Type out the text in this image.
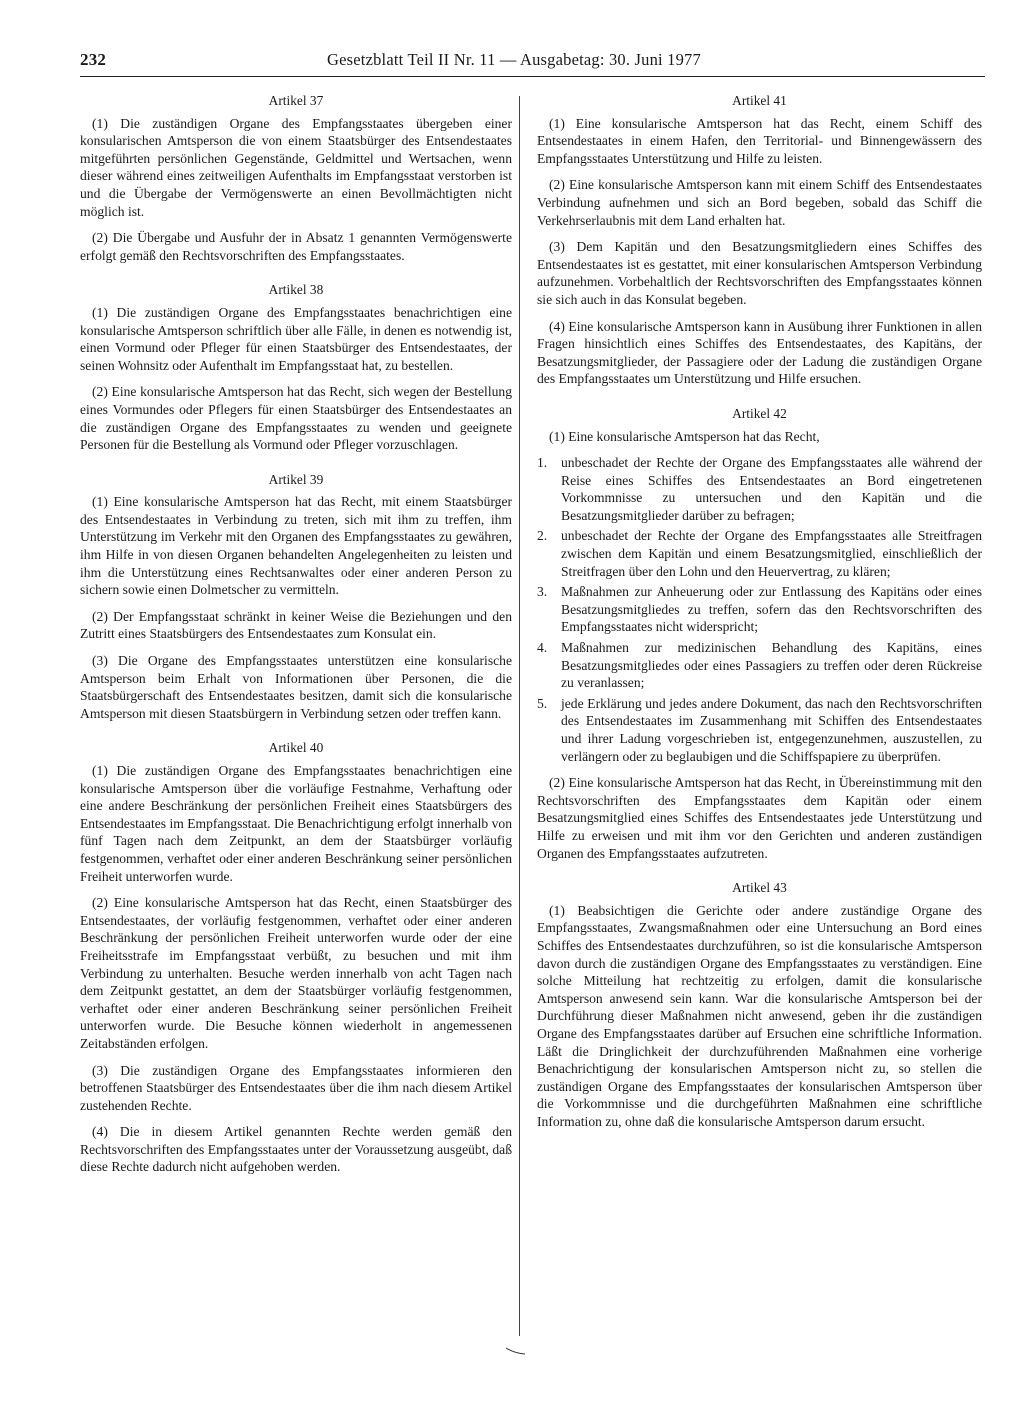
232	Gesetzblatt Teil II Nr. 11 — Ausgabetag: 30. Juni 1977
Artikel 37

(1) Die zuständigen Organe des Empfangsstaates übergeben einer konsularischen Amtsperson die von einem Staatsbürger des Entsendestaates mitgeführten persönlichen Gegenstände, Geldmittel und Wertsachen, wenn dieser während eines zeitweiligen Aufenthalts im Empfangsstaat verstorben ist und die Übergabe der Vermögenswerte an einen Bevollmächtigten nicht möglich ist.

(2) Die Übergabe und Ausfuhr der in Absatz 1 genannten Vermögenswerte erfolgt gemäß den Rechtsvorschriften des Empfangsstaates.

Artikel 38

(1) Die zuständigen Organe des Empfangsstaates benachrichtigen eine konsularische Amtsperson schriftlich über alle Fälle, in denen es notwendig ist, einen Vormund oder Pfleger für einen Staatsbürger des Entsendestaates, der seinen Wohnsitz oder Aufenthalt im Empfangsstaat hat, zu bestellen.

(2) Eine konsularische Amtsperson hat das Recht, sich wegen der Bestellung eines Vormundes oder Pflegers für einen Staatsbürger des Entsendestaates an die zuständigen Organe des Empfangsstaates zu wenden und geeignete Personen für die Bestellung als Vormund oder Pfleger vorzuschlagen.

Artikel 39

(1) Eine konsularische Amtsperson hat das Recht, mit einem Staatsbürger des Entsendestaates in Verbindung zu treten, sich mit ihm zu treffen, ihm Unterstützung im Verkehr mit den Organen des Empfangsstaates zu gewähren, ihm Hilfe in von diesen Organen behandelten Angelegenheiten zu leisten und ihm die Unterstützung eines Rechtsanwaltes oder einer anderen Person zu sichern sowie einen Dolmetscher zu vermitteln.

(2) Der Empfangsstaat schränkt in keiner Weise die Beziehungen und den Zutritt eines Staatsbürgers des Entsendestaates zum Konsulat ein.

(3) Die Organe des Empfangsstaates unterstützen eine konsularische Amtsperson beim Erhalt von Informationen über Personen, die die Staatsbürgerschaft des Entsendestaates besitzen, damit sich die konsularische Amtsperson mit diesen Staatsbürgern in Verbindung setzen oder treffen kann.

Artikel 40

(1) Die zuständigen Organe des Empfangsstaates benachrichtigen eine konsularische Amtsperson über die vorläufige Festnahme, Verhaftung oder eine andere Beschränkung der persönlichen Freiheit eines Staatsbürgers des Entsendestaates im Empfangsstaat. Die Benachrichtigung erfolgt innerhalb von fünf Tagen nach dem Zeitpunkt, an dem der Staatsbürger vorläufig festgenommen, verhaftet oder einer anderen Beschränkung seiner persönlichen Freiheit unterworfen wurde.

(2) Eine konsularische Amtsperson hat das Recht, einen Staatsbürger des Entsendestaates, der vorläufig festgenommen, verhaftet oder einer anderen Beschränkung der persönlichen Freiheit unterworfen wurde oder der eine Freiheitsstrafe im Empfangsstaat verbüßt, zu besuchen und mit ihm Verbindung zu unterhalten. Besuche werden innerhalb von acht Tagen nach dem Zeitpunkt gestattet, an dem der Staatsbürger vorläufig festgenommen, verhaftet oder einer anderen Beschränkung seiner persönlichen Freiheit unterworfen wurde. Die Besuche können wiederholt in angemessenen Zeitabständen erfolgen.

(3) Die zuständigen Organe des Empfangsstaates informieren den betroffenen Staatsbürger des Entsendestaates über die ihm nach diesem Artikel zustehenden Rechte.

(4) Die in diesem Artikel genannten Rechte werden gemäß den Rechtsvorschriften des Empfangsstaates unter der Voraussetzung ausgeübt, daß diese Rechte dadurch nicht aufgehoben werden.

Artikel 41

(1) Eine konsularische Amtsperson hat das Recht, einem Schiff des Entsendestaates in einem Hafen, den Territorial- und Binnengewässern des Empfangsstaates Unterstützung und Hilfe zu leisten.

(2) Eine konsularische Amtsperson kann mit einem Schiff des Entsendestaates Verbindung aufnehmen und sich an Bord begeben, sobald das Schiff die Verkehrserlaubnis mit dem Land erhalten hat.

(3) Dem Kapitän und den Besatzungsmitgliedern eines Schiffes des Entsendestaates ist es gestattet, mit einer konsularischen Amtsperson Verbindung aufzunehmen. Vorbehaltlich der Rechtsvorschriften des Empfangsstaates können sie sich auch in das Konsulat begeben.

(4) Eine konsularische Amtsperson kann in Ausübung ihrer Funktionen in allen Fragen hinsichtlich eines Schiffes des Entsendestaates, des Kapitäns, der Besatzungsmitglieder, der Passagiere oder der Ladung die zuständigen Organe des Empfangsstaates um Unterstützung und Hilfe ersuchen.

Artikel 42

(1) Eine konsularische Amtsperson hat das Recht,

1.	unbeschadet der Rechte der Organe des Empfangsstaates alle während der Reise eines Schiffes des Entsendestaates an Bord eingetretenen Vorkommnisse zu untersuchen und den Kapitän und die Besatzungsmitglieder darüber zu befragen;
2.	unbeschadet der Rechte der Organe des Empfangsstaates alle Streitfragen zwischen dem Kapitän und einem Besatzungsmitglied, einschließlich der Streitfragen über den Lohn und den Heuervertrag, zu klären;
3.	Maßnahmen zur Anheuerung oder zur Entlassung des Kapitäns oder eines Besatzungsmitgliedes zu treffen, sofern das den Rechtsvorschriften des Empfangsstaates nicht widerspricht;
4.	Maßnahmen zur medizinischen Behandlung des Kapitäns, eines Besatzungsmitgliedes oder eines Passagiers zu treffen oder deren Rückreise zu veranlassen;
5.	jede Erklärung und jedes andere Dokument, das nach den Rechtsvorschriften des Entsendestaates im Zusammenhang mit Schiffen des Entsendestaates und ihrer Ladung vorgeschrieben ist, entgegenzunehmen, auszustellen, zu verlängern oder zu beglaubigen und die Schiffspapiere zu überprüfen.

(2) Eine konsularische Amtsperson hat das Recht, in Übereinstimmung mit den Rechtsvorschriften des Empfangsstaates dem Kapitän oder einem Besatzungsmitglied eines Schiffes des Entsendestaates jede Unterstützung und Hilfe zu erweisen und mit ihm vor den Gerichten und anderen zuständigen Organen des Empfangsstaates aufzutreten.

Artikel 43

(1) Beabsichtigen die Gerichte oder andere zuständige Organe des Empfangsstaates, Zwangsmaßnahmen oder eine Untersuchung an Bord eines Schiffes des Entsendestaates durchzuführen, so ist die konsularische Amtsperson davon durch die zuständigen Organe des Empfangsstaates zu verständigen. Eine solche Mitteilung hat rechtzeitig zu erfolgen, damit die konsularische Amtsperson anwesend sein kann. War die konsularische Amtsperson bei der Durchführung dieser Maßnahmen nicht anwesend, geben ihr die zuständigen Organe des Empfangsstaates darüber auf Ersuchen eine schriftliche Information. Läßt die Dringlichkeit der durchzuführenden Maßnahmen eine vorherige Benachrichtigung der konsularischen Amtsperson nicht zu, so stellen die zuständigen Organe des Empfangsstaates der konsularischen Amtsperson über die Vorkommnisse und die durchgeführten Maßnahmen eine schriftliche Information zu, ohne daß die konsularische Amtsperson darum ersucht.
